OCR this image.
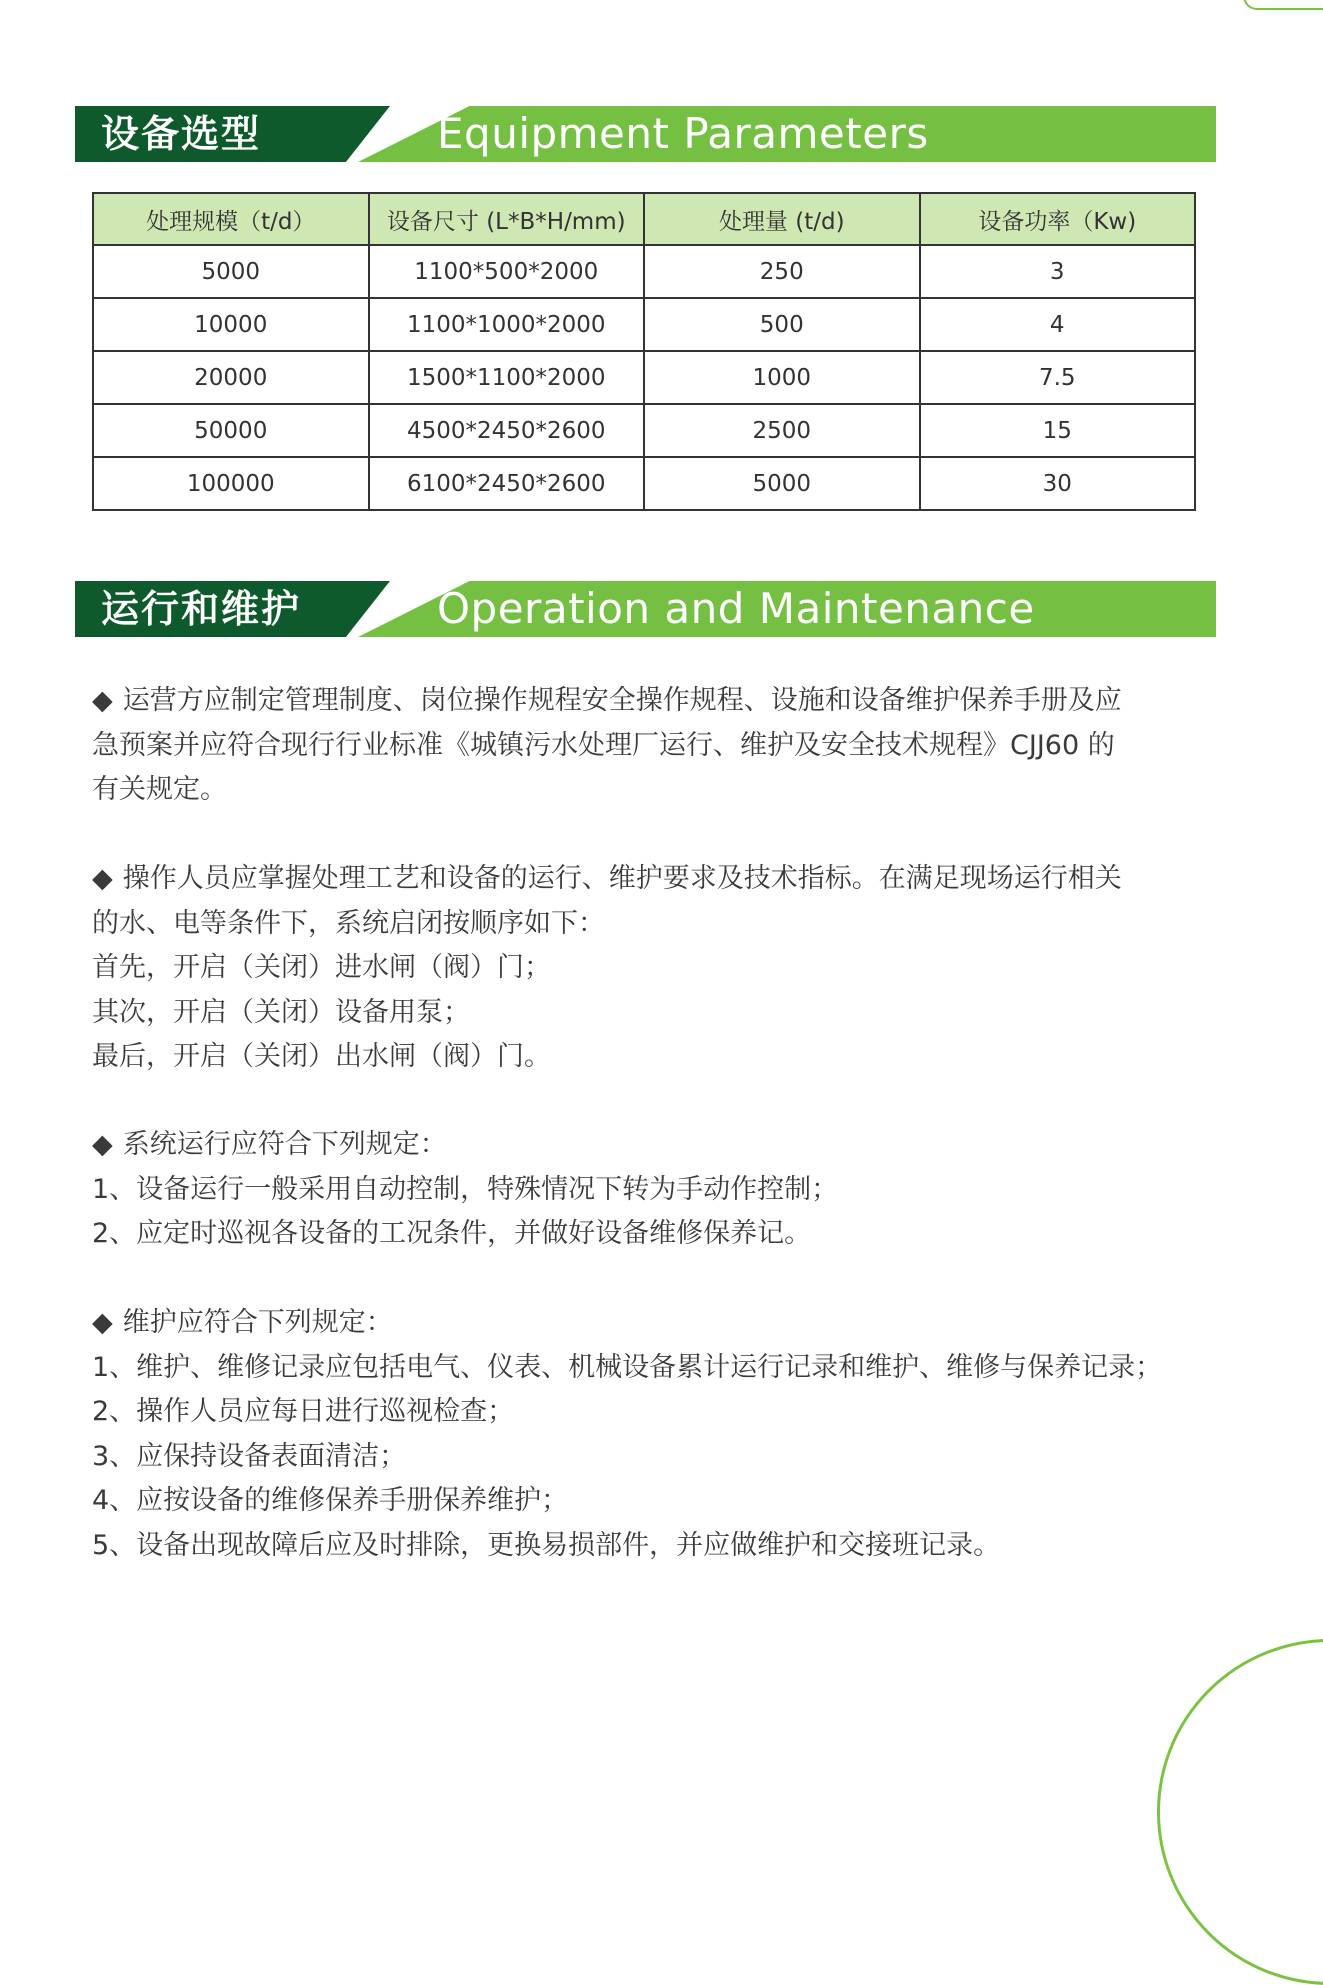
设备选型	Equipment Parameters
处理规模（t/d）	设备尺寸 (L*B*H/mm)	处理量 (t/d)	设备功率（Kw)
5000	1100*500*2000	250	3
10000	1100*1000*2000	500	4
20000	1500*1100*2000	1000	7.5
50000	4500*2450*2600	2500	15
100000	6100*2450*2600	5000	30
运行和维护	Operation and Maintenance

◆ 运营方应制定管理制度、岗位操作规程安全操作规程、设施和设备维护保养手册及应

急预案并应符合现行行业标准《城镇污水处理厂运行、维护及安全技术规程》CJJ60 的

有关规定。

◆ 操作人员应掌握处理工艺和设备的运行、维护要求及技术指标。在满足现场运行相关

的水、电等条件下，系统启闭按顺序如下：

首先，开启（关闭）进水闸（阀）门；

其次，开启（关闭）设备用泵；

最后，开启（关闭）出水闸（阀）门。

◆ 系统运行应符合下列规定：

1、设备运行一般采用自动控制，特殊情况下转为手动作控制；

2、应定时巡视各设备的工况条件，并做好设备维修保养记。

◆ 维护应符合下列规定：

1、维护、维修记录应包括电气、仪表、机械设备累计运行记录和维护、维修与保养记录；

2、操作人员应每日进行巡视检查；

3、应保持设备表面清洁；

4、应按设备的维修保养手册保养维护；

5、设备出现故障后应及时排除，更换易损部件，并应做维护和交接班记录。
